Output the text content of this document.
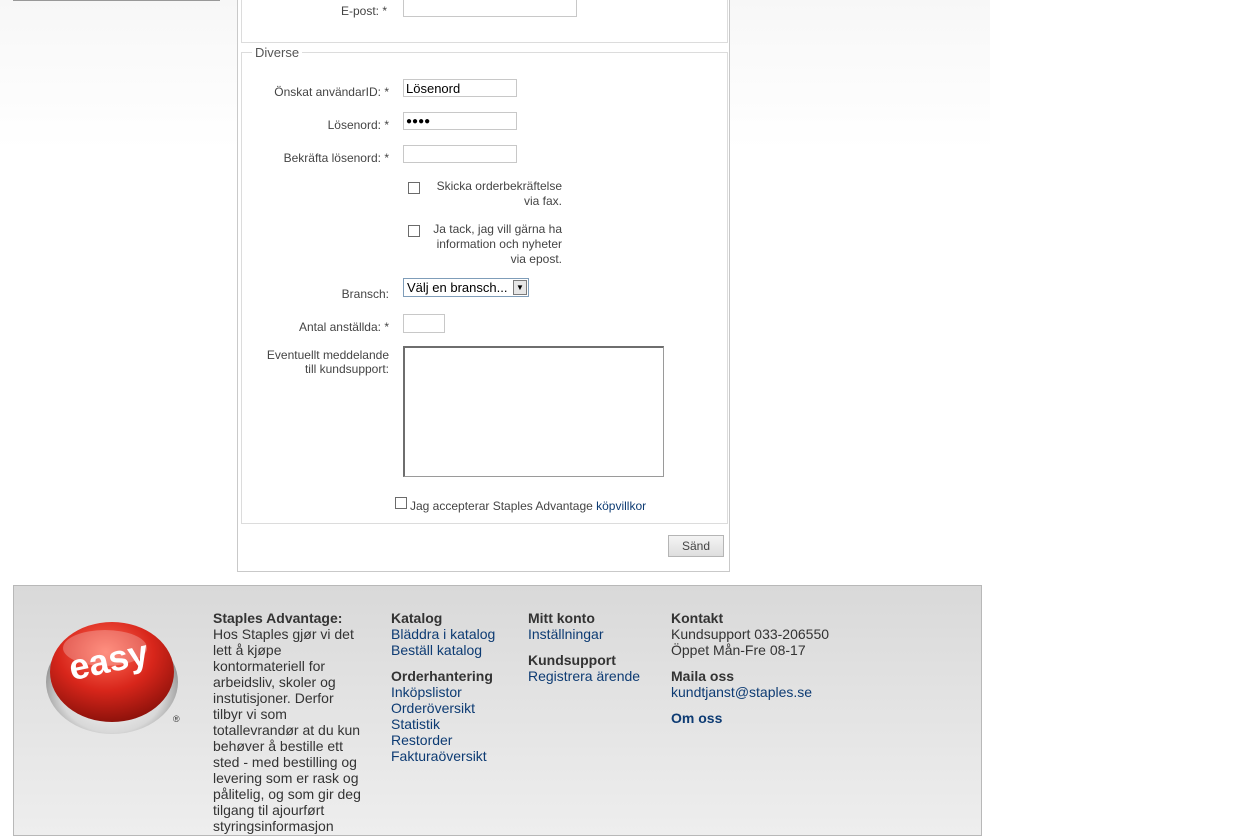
E-post: *
Diverse
Önskat användarID: * Lösenord
Lösenord: *	●●●●
Bekräfta lösenord: *
Skicka orderbekräftelse
via fax.
Ja tack, jag vill gärna ha
information och nyheter
via epost.
Bransch: Välj en bransch...	▼
Antal anställda: *
Eventuellt meddelande
till kundsupport:
Jag accepterar Staples Advantage köpvillkor
Sänd
easy
®
Staples Advantage:
Hos Staples gjør vi det
lett å kjøpe
kontormateriell for
arbeidsliv, skoler og
instutisjoner. Derfor
tilbyr vi som
totallevrandør at du kun
behøver å bestille ett
sted - med bestilling og
levering som er rask og
pålitelig, og som gir deg
tilgang til ajourført
styringsinformasjon
Katalog
Bläddra i katalog
Beställ katalog
Orderhantering
Inköpslistor
Orderöversikt
Statistik
Restorder
Fakturaöversikt
Mitt konto
Inställningar
Kundsupport
Registrera ärende
Kontakt
Kundsupport 033-206550
Öppet Mån-Fre 08-17
Maila oss
kundtjanst@staples.se
Om oss
